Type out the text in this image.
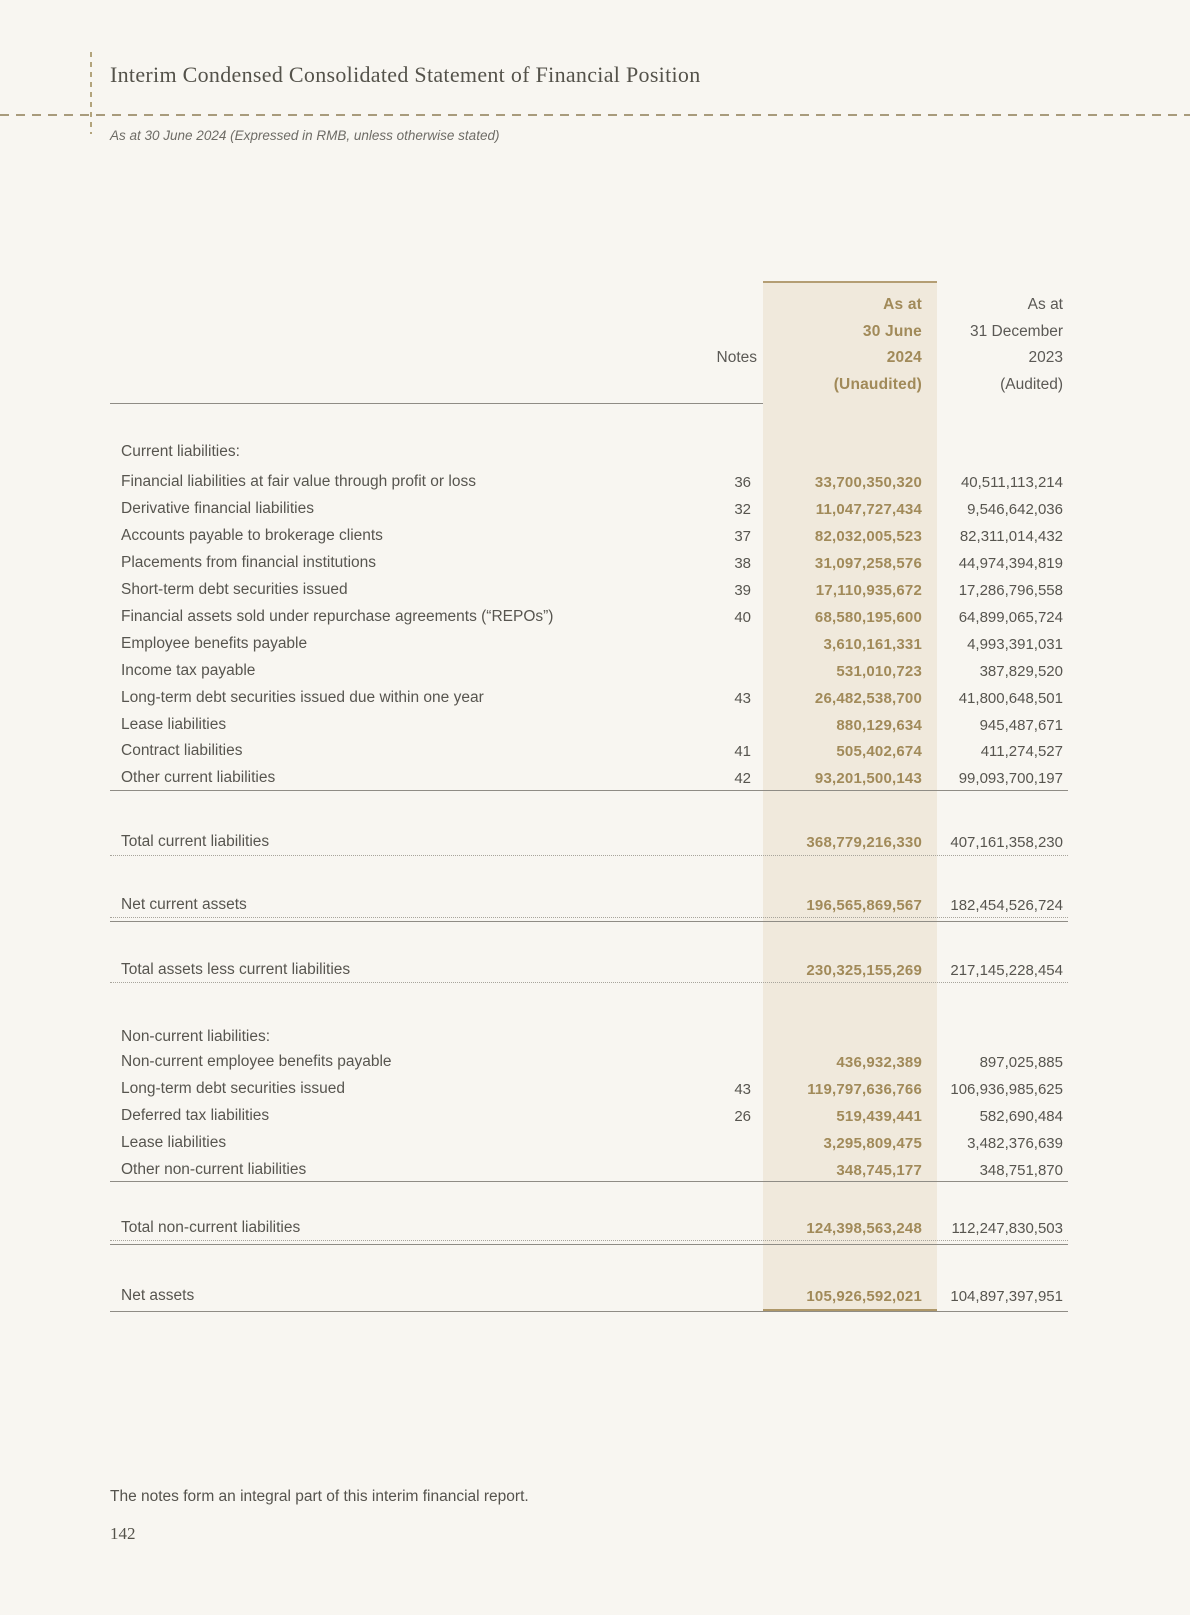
Interim Condensed Consolidated Statement of Financial Position
As at 30 June 2024 (Expressed in RMB, unless otherwise stated)
As at	As at
30 June	31 December
Notes	2024	2023
(Unaudited)	(Audited)
Current liabilities:
Financial liabilities at fair value through profit or loss	36	33,700,350,320	40,511,113,214
Derivative financial liabilities	32	11,047,727,434	9,546,642,036
Accounts payable to brokerage clients	37	82,032,005,523	82,311,014,432
Placements from financial institutions	38	31,097,258,576	44,974,394,819
Short-term debt securities issued	39	17,110,935,672	17,286,796,558
Financial assets sold under repurchase agreements (“REPOs”)	40	68,580,195,600	64,899,065,724
Employee benefits payable	3,610,161,331	4,993,391,031
Income tax payable	531,010,723	387,829,520
Long-term debt securities issued due within one year	43	26,482,538,700	41,800,648,501
Lease liabilities	880,129,634	945,487,671
Contract liabilities	41	505,402,674	411,274,527
Other current liabilities	42	93,201,500,143	99,093,700,197
Total current liabilities	368,779,216,330	407,161,358,230
Net current assets	196,565,869,567	182,454,526,724
Total assets less current liabilities	230,325,155,269	217,145,228,454
Non-current liabilities:
Non-current employee benefits payable	436,932,389	897,025,885
Long-term debt securities issued	43	119,797,636,766	106,936,985,625
Deferred tax liabilities	26	519,439,441	582,690,484
Lease liabilities	3,295,809,475	3,482,376,639
Other non-current liabilities	348,745,177	348,751,870
Total non-current liabilities	124,398,563,248	112,247,830,503
Net assets	105,926,592,021	104,897,397,951
The notes form an integral part of this interim financial report.
142
